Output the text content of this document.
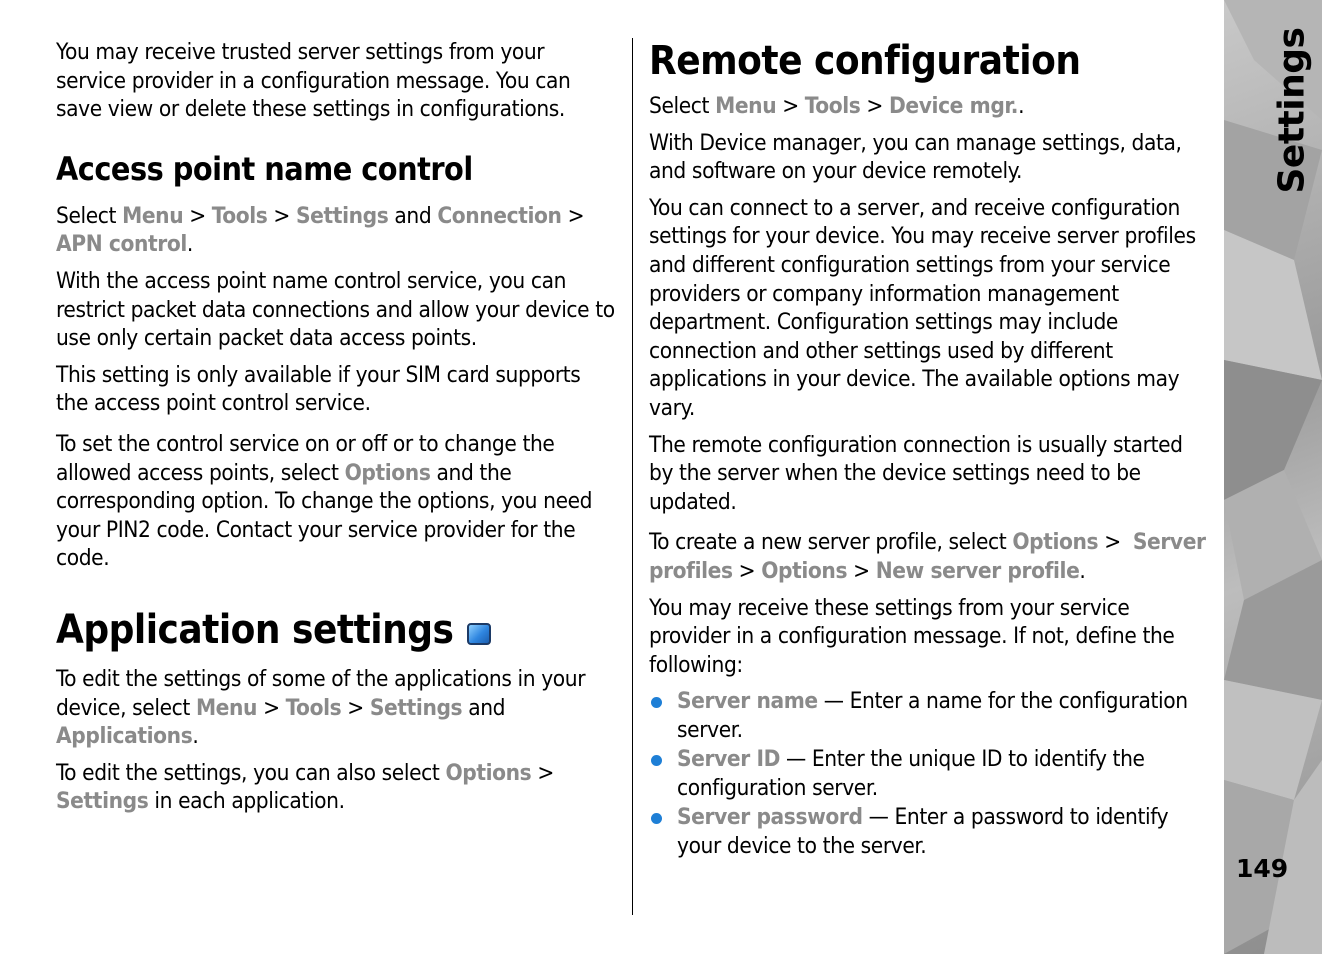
You may receive trusted server settings from your service provider in a configuration message. You can save view or delete these settings in configurations.

Access point name control

Select Menu > Tools > Settings and Connection > APN control.

With the access point name control service, you can restrict packet data connections and allow your device to use only certain packet data access points.

This setting is only available if your SIM card supports the access point control service.

To set the control service on or off or to change the allowed access points, select Options and the corresponding option. To change the options, you need your PIN2 code. Contact your service provider for the code.

Application settings

To edit the settings of some of the applications in your device, select Menu > Tools > Settings and Applications.

To edit the settings, you can also select Options > Settings in each application.

Remote configuration

Select Menu > Tools > Device mgr..

With Device manager, you can manage settings, data, and software on your device remotely.

You can connect to a server, and receive configuration settings for your device. You may receive server profiles and different configuration settings from your service providers or company information management department. Configuration settings may include connection and other settings used by different applications in your device. The available options may vary.

The remote configuration connection is usually started by the server when the device settings need to be updated.

To create a new server profile, select Options > Server profiles > Options > New server profile.

You may receive these settings from your service provider in a configuration message. If not, define the following:

Server name — Enter a name for the configuration server.
Server ID — Enter the unique ID to identify the configuration server.
Server password — Enter a password to identify your device to the server.
Settings
149
